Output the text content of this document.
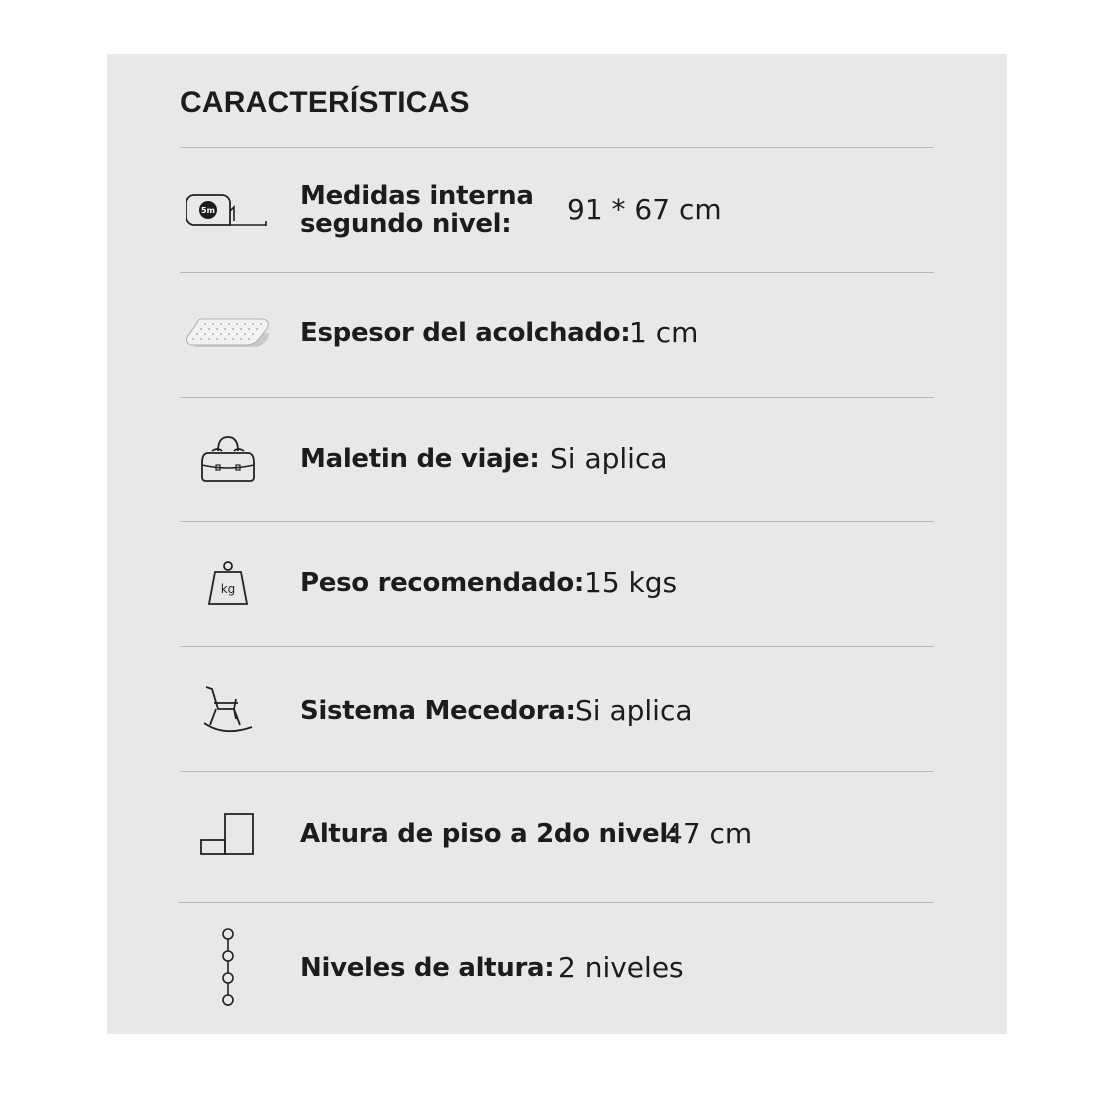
CARACTERÍSTICAS
5m	Medidas interna
segundo nivel:	91 * 67 cm
Espesor del acolchado:
1 cm
Maletin de viaje: Si aplica
kg Peso recomendado: 15 kgs
Sistema Mecedora: Si aplica
Altura de piso a 2do nivel:
47 cm
Niveles de altura: 2 niveles
